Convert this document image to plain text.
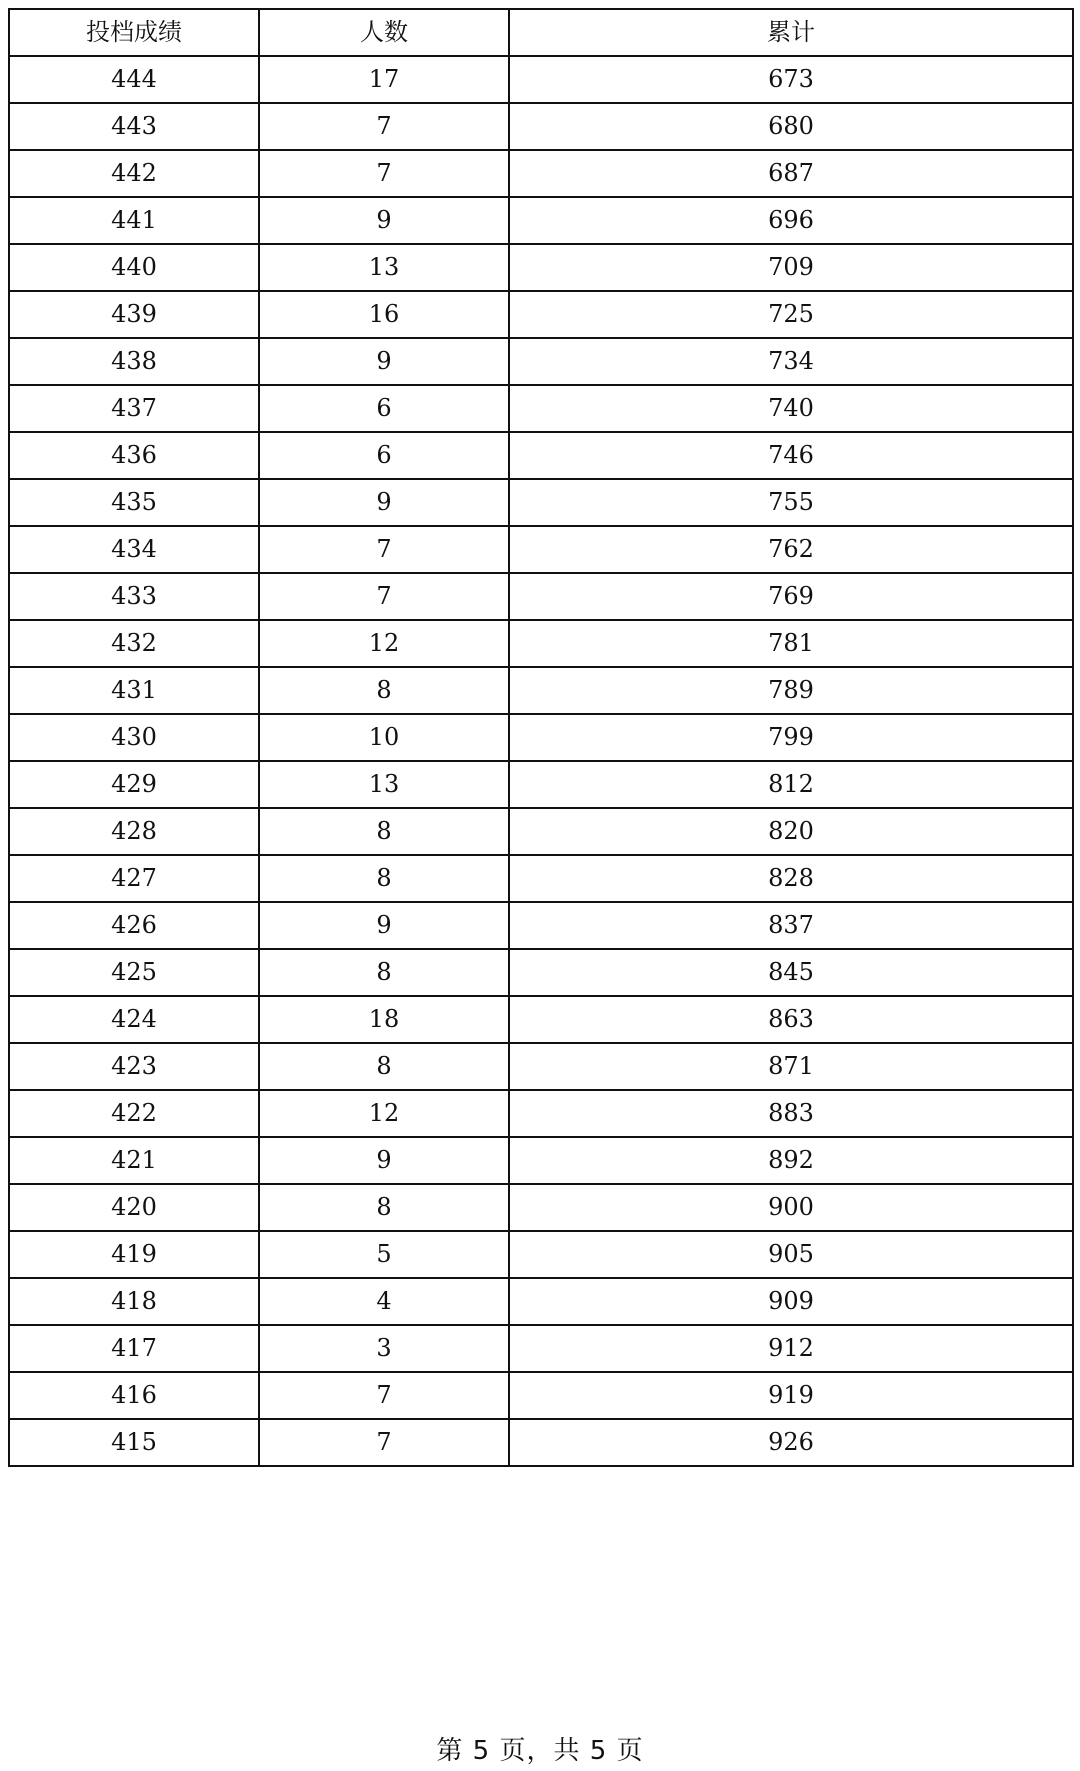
投档成绩	人数	累计
444	17	673
443	7	680
442	7	687
441	9	696
440	13	709
439	16	725
438	9	734
437	6	740
436	6	746
435	9	755
434	7	762
433	7	769
432	12	781
431	8	789
430	10	799
429	13	812
428	8	820
427	8	828
426	9	837
425	8	845
424	18	863
423	8	871
422	12	883
421	9	892
420	8	900
419	5	905
418	4	909
417	3	912
416	7	919
415	7	926
第 5 页，共 5 页
